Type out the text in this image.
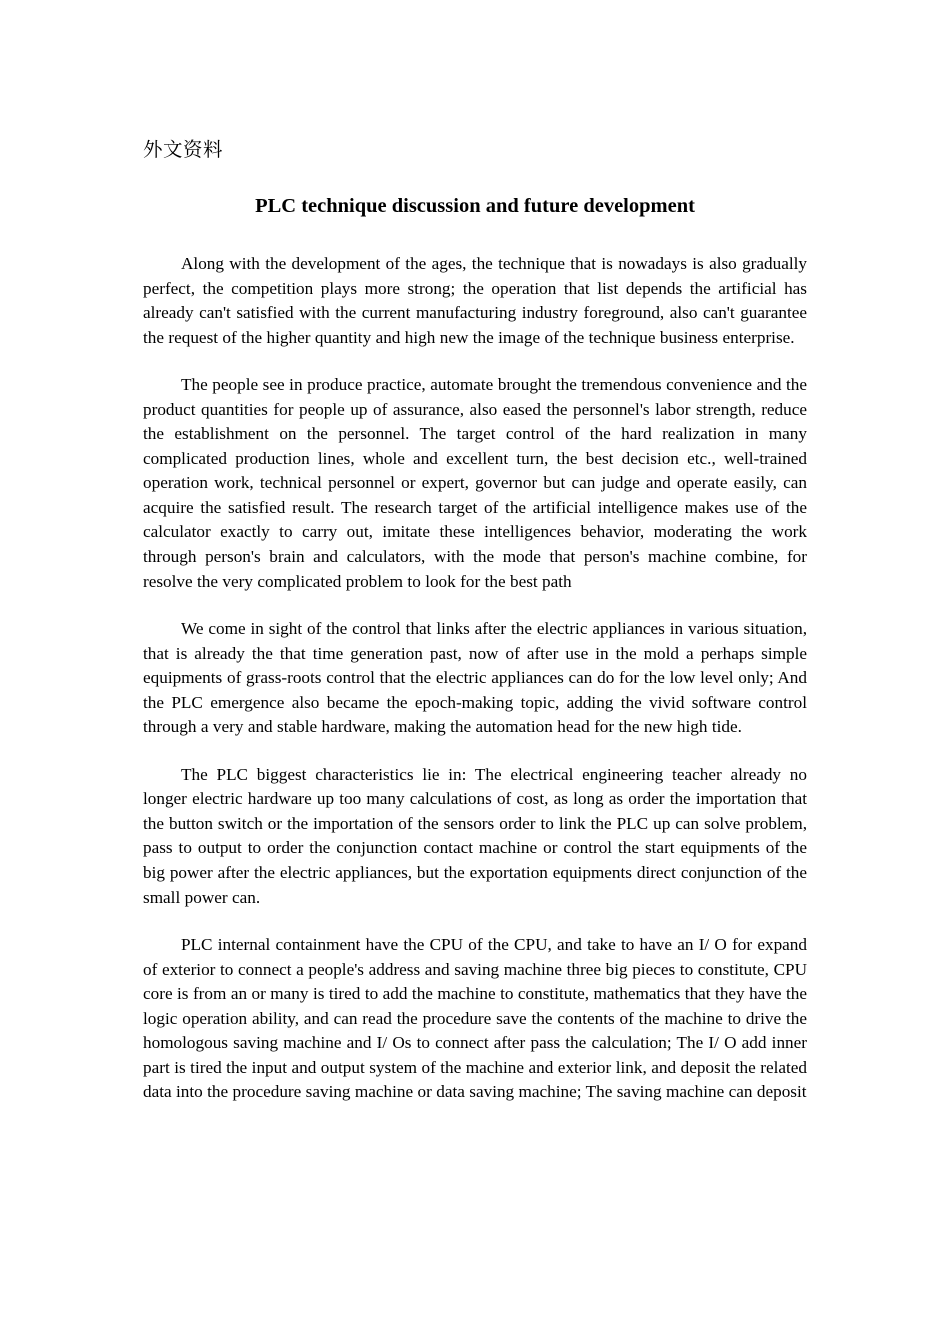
外文资料
PLC technique discussion and future development

Along with the development of the ages, the technique that is nowadays is also gradually perfect, the competition plays more strong; the operation that list depends the artificial has already can't satisfied with the current manufacturing industry foreground, also can't guarantee the request of the higher quantity and high new the image of the technique business enterprise.

The people see in produce practice, automate brought the tremendous convenience and the product quantities for people up of assurance, also eased the personnel's labor strength, reduce the establishment on the personnel. The target control of the hard realization in many complicated production lines, whole and excellent turn, the best decision etc., well-trained operation work, technical personnel or expert, governor but can judge and operate easily, can acquire the satisfied result. The research target of the artificial intelligence makes use of the calculator exactly to carry out, imitate these intelligences behavior, moderating the work through person's brain and calculators, with the mode that person's machine combine, for resolve the very complicated problem to look for the best path

We come in sight of the control that links after the electric appliances in various situation, that is already the that time generation past, now of after use in the mold a perhaps simple equipments of grass-roots control that the electric appliances can do for the low level only; And the PLC emergence also became the epoch-making topic, adding the vivid software control through a very and stable hardware, making the automation head for the new high tide.

The PLC biggest characteristics lie in: The electrical engineering teacher already no longer electric hardware up too many calculations of cost, as long as order the importation that the button switch or the importation of the sensors order to link the PLC up can solve problem, pass to output to order the conjunction contact machine or control the start equipments of the big power after the electric appliances, but the exportation equipments direct conjunction of the small power can.

PLC internal containment have the CPU of the CPU, and take to have an I/ O for expand of exterior to connect a people's address and saving machine three big pieces to constitute, CPU core is from an or many is tired to add the machine to constitute, mathematics that they have the logic operation ability, and can read the procedure save the contents of the machine to drive the homologous saving machine and I/ Os to connect after pass the calculation; The I/ O add inner part is tired the input and output system of the machine and exterior link, and deposit the related data into the procedure saving machine or data saving machine; The saving machine can deposit
